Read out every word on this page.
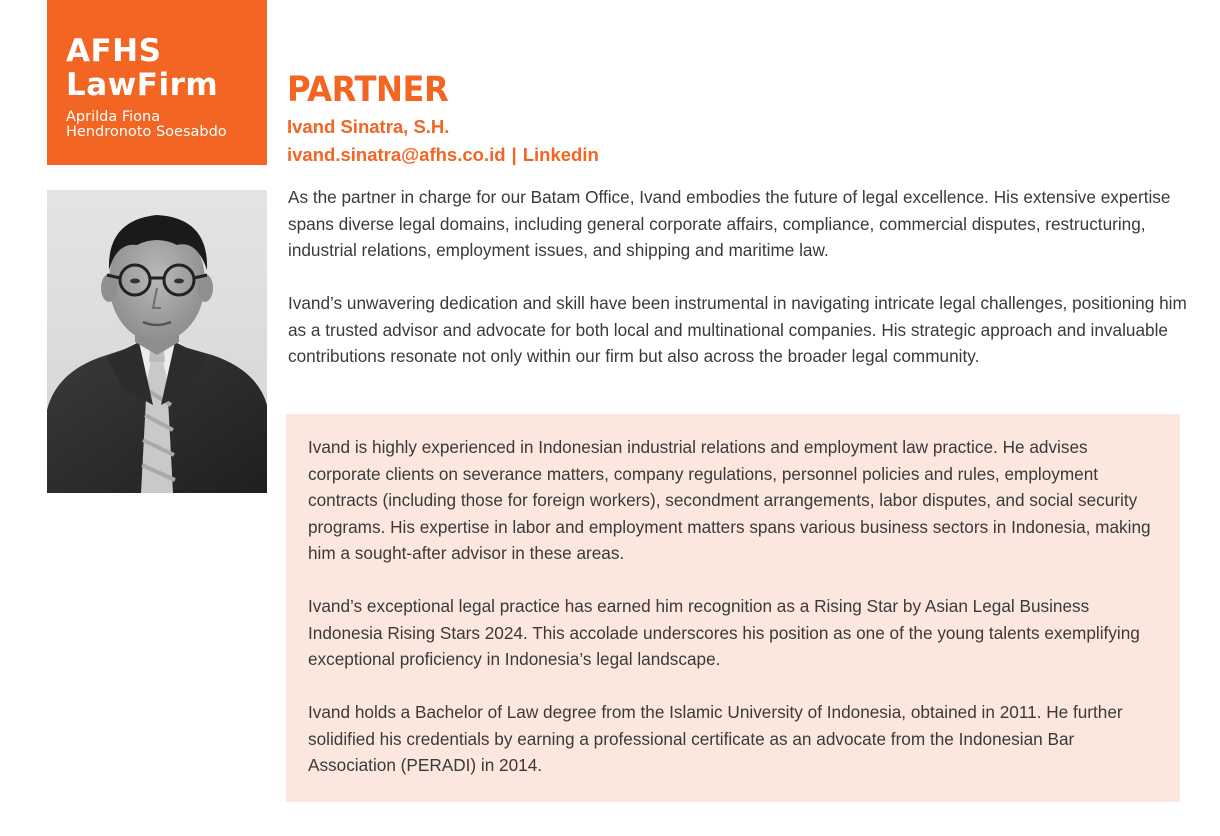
AFHS
LawFirm
Aprilda Fiona
Hendronoto Soesabdo
PARTNER
Ivand Sinatra, S.H.
ivand.sinatra@afhs.co.id | Linkedin

As the partner in charge for our Batam Office, Ivand embodies the future of legal excellence. His extensive expertise spans diverse legal domains, including general corporate affairs, compliance, commercial disputes, restructuring, industrial relations, employment issues, and shipping and maritime law.

Ivand’s unwavering dedication and skill have been instrumental in navigating intricate legal challenges, positioning him as a trusted advisor and advocate for both local and multinational companies. His strategic approach and invaluable contributions resonate not only within our firm but also across the broader legal community.

Ivand is highly experienced in Indonesian industrial relations and employment law practice. He advises corporate clients on severance matters, company regulations, personnel policies and rules, employment contracts (including those for foreign workers), secondment arrangements, labor disputes, and social security programs. His expertise in labor and employment matters spans various business sectors in Indonesia, making him a sought-after advisor in these areas.

Ivand’s exceptional legal practice has earned him recognition as a Rising Star by Asian Legal Business Indonesia Rising Stars 2024. This accolade underscores his position as one of the young talents exemplifying exceptional proficiency in Indonesia’s legal landscape.

Ivand holds a Bachelor of Law degree from the Islamic University of Indonesia, obtained in 2011. He further solidified his credentials by earning a professional certificate as an advocate from the Indonesian Bar Association (PERADI) in 2014.
